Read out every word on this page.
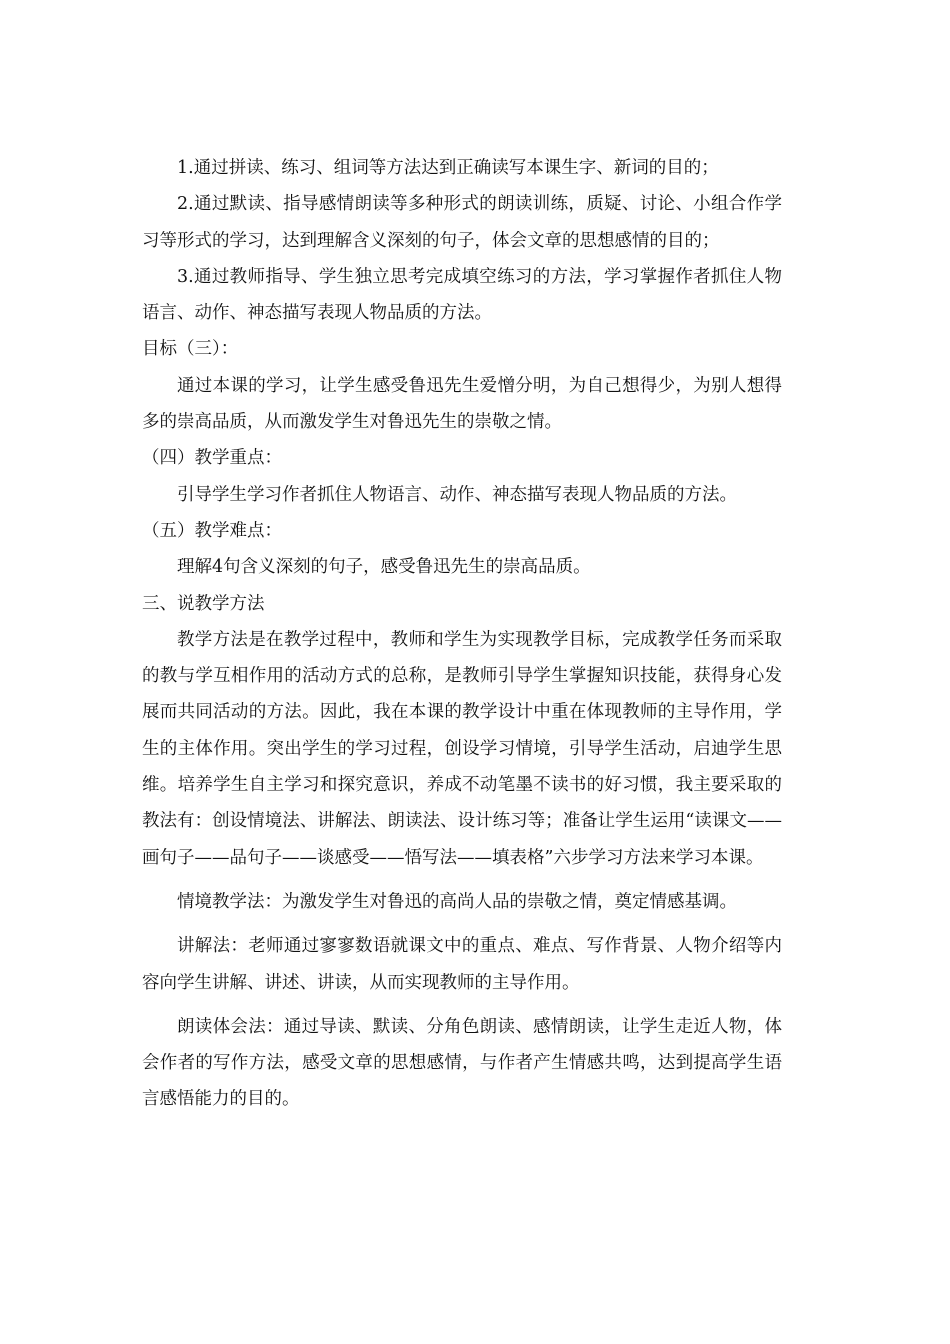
1.通过拼读、练习、组词等方法达到正确读写本课生字、新词的目的；

2.通过默读、指导感情朗读等多种形式的朗读训练，质疑、讨论、小组合作学习等形式的学习，达到理解含义深刻的句子，体会文章的思想感情的目的；

3.通过教师指导、学生独立思考完成填空练习的方法，学习掌握作者抓住人物语言、动作、神态描写表现人物品质的方法。

目标（三）：

通过本课的学习，让学生感受鲁迅先生爱憎分明，为自己想得少，为别人想得多的崇高品质，从而激发学生对鲁迅先生的崇敬之情。

（四）教学重点：

引导学生学习作者抓住人物语言、动作、神态描写表现人物品质的方法。

（五）教学难点：

理解4句含义深刻的句子，感受鲁迅先生的崇高品质。

三、说教学方法

教学方法是在教学过程中，教师和学生为实现教学目标，完成教学任务而采取的教与学互相作用的活动方式的总称，是教师引导学生掌握知识技能，获得身心发展而共同活动的方法。因此，我在本课的教学设计中重在体现教师的主导作用，学生的主体作用。突出学生的学习过程，创设学习情境，引导学生活动，启迪学生思维。培养学生自主学习和探究意识，养成不动笔墨不读书的好习惯，我主要采取的教法有：创设情境法、讲解法、朗读法、设计练习等；准备让学生运用“读课文——画句子——品句子——谈感受——悟写法——填表格”六步学习方法来学习本课。

情境教学法：为激发学生对鲁迅的高尚人品的崇敬之情，奠定情感基调。

讲解法：老师通过寥寥数语就课文中的重点、难点、写作背景、人物介绍等内容向学生讲解、讲述、讲读，从而实现教师的主导作用。

朗读体会法：通过导读、默读、分角色朗读、感情朗读，让学生走近人物，体会作者的写作方法，感受文章的思想感情，与作者产生情感共鸣，达到提高学生语言感悟能力的目的。
